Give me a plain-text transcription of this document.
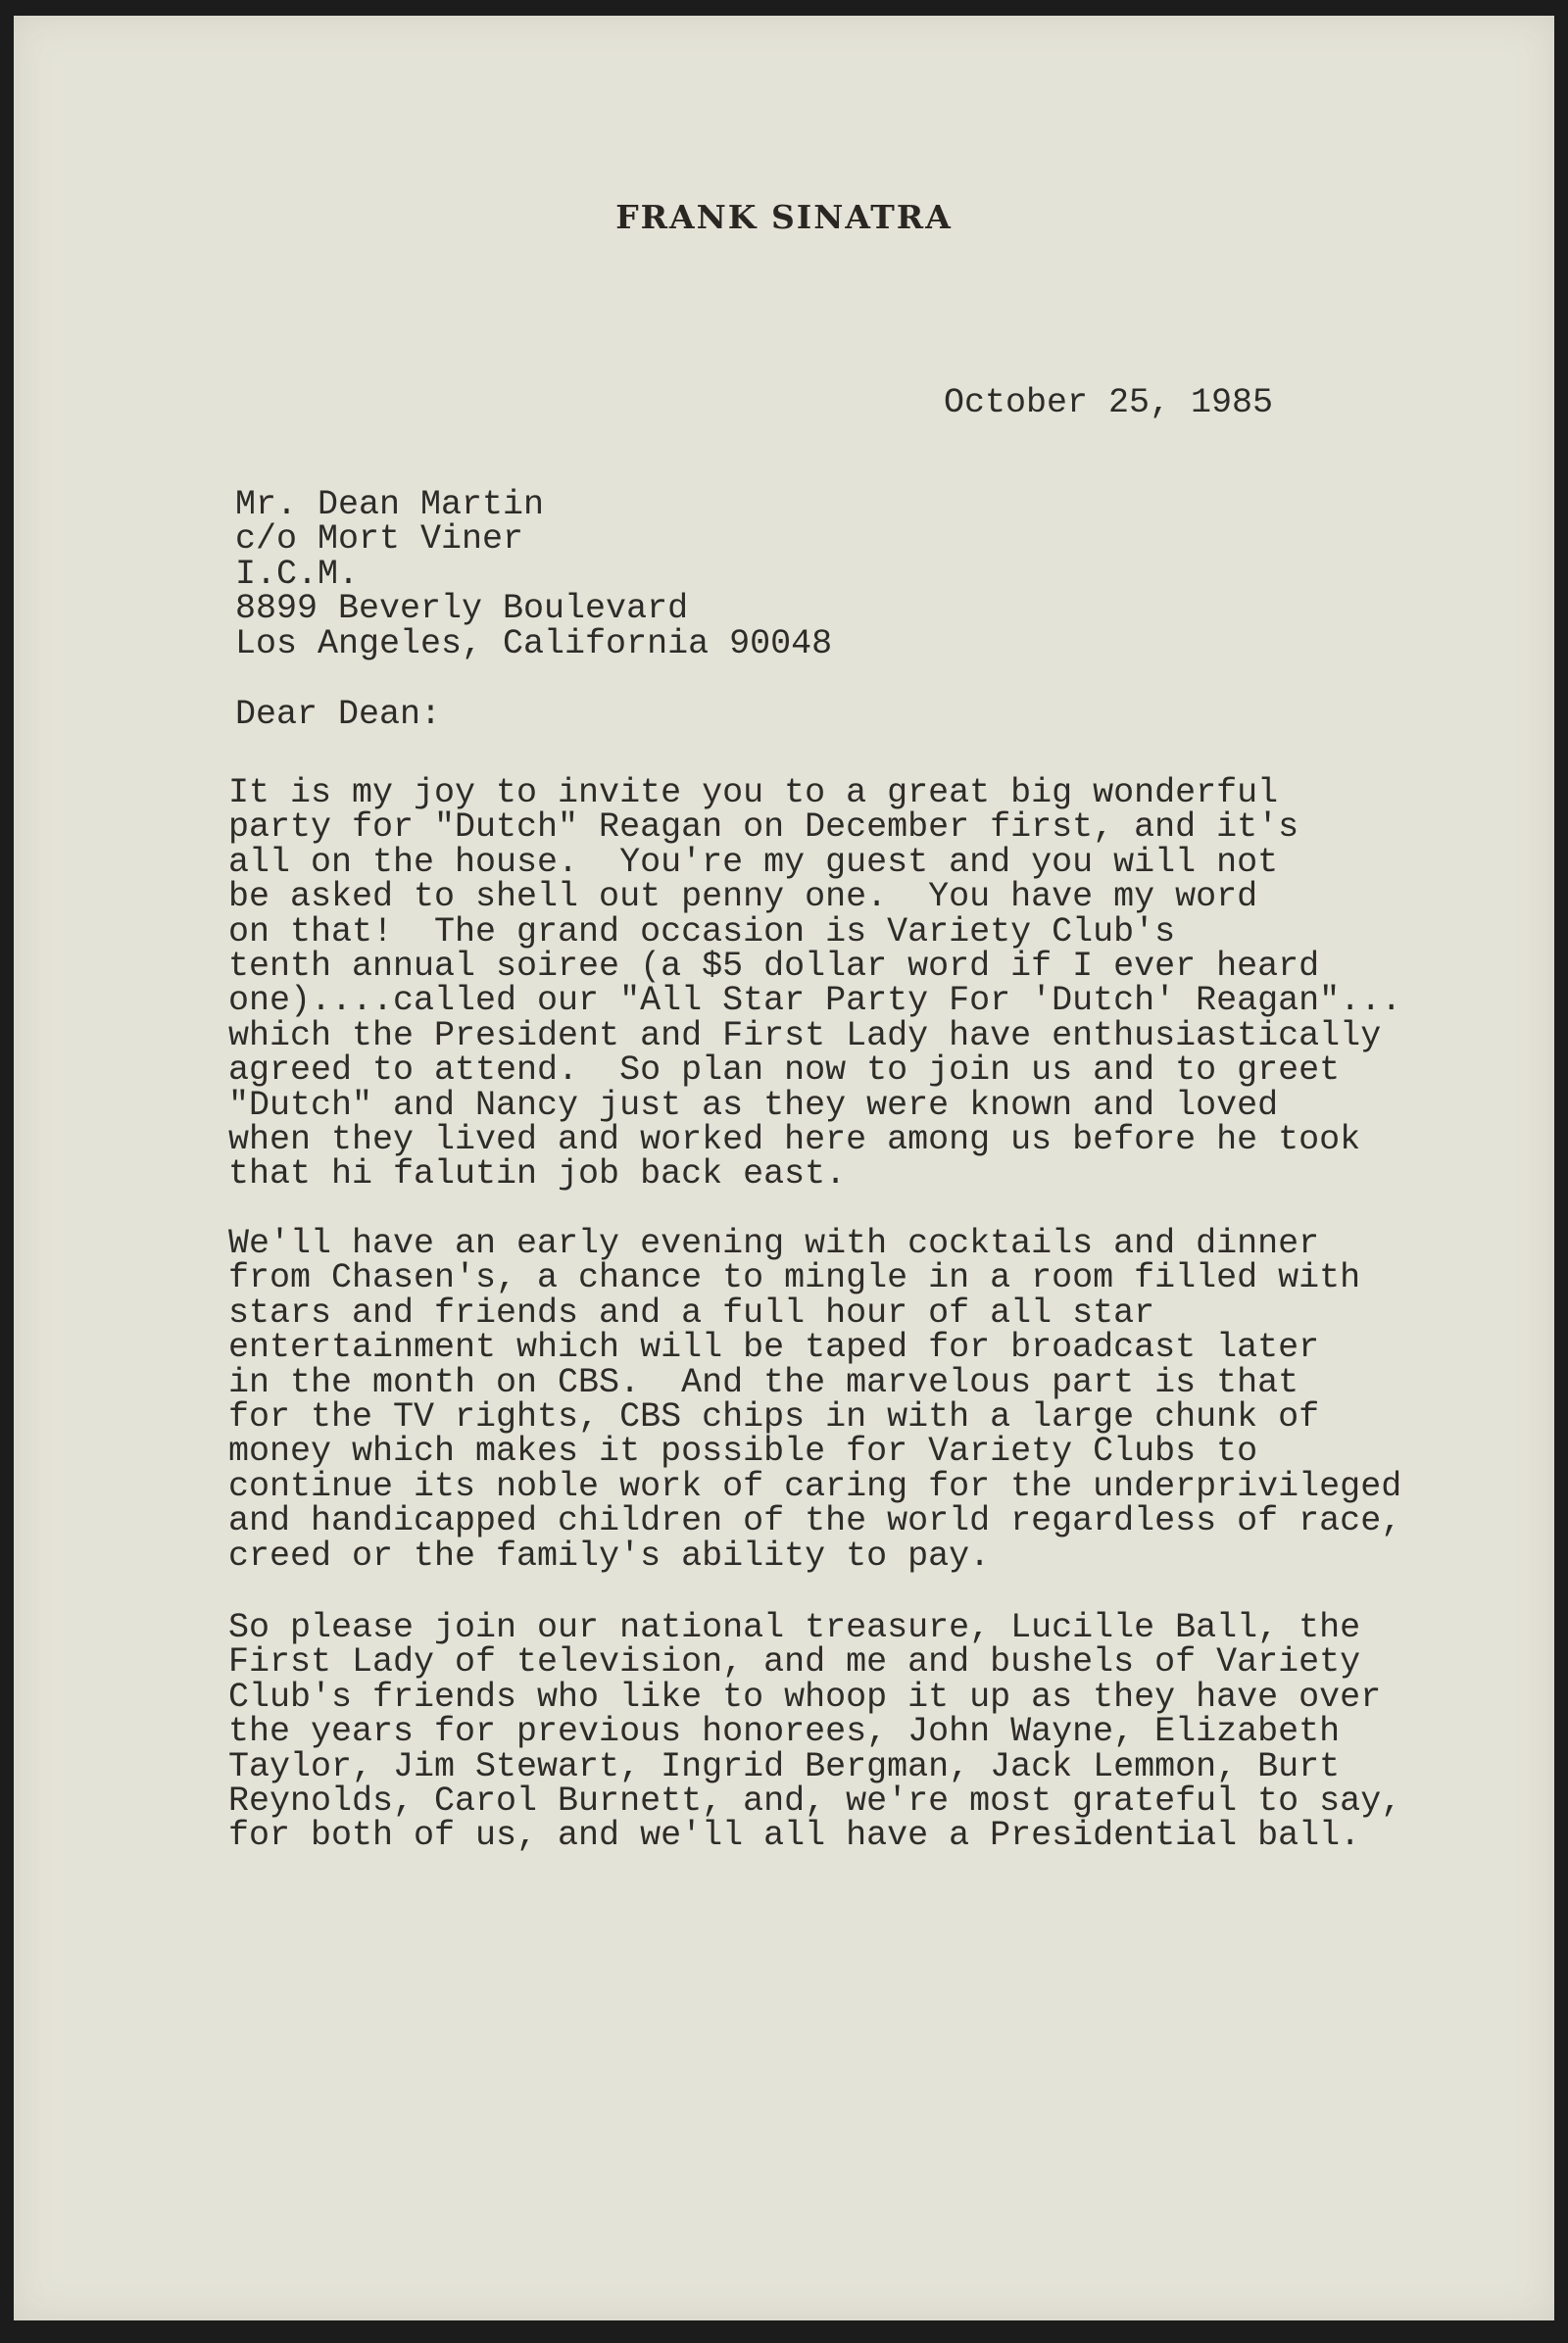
FRANK SINATRA
October 25, 1985
Mr. Dean Martin
c/o Mort Viner
I.C.M.
8899 Beverly Boulevard
Los Angeles, California 90048
Dear Dean:
It is my joy to invite you to a great big wonderful
party for "Dutch" Reagan on December first, and it's
all on the house.  You're my guest and you will not
be asked to shell out penny one.  You have my word
on that!  The grand occasion is Variety Club's
tenth annual soiree (a $5 dollar word if I ever heard
one)....called our "All Star Party For 'Dutch' Reagan"...
which the President and First Lady have enthusiastically
agreed to attend.  So plan now to join us and to greet
"Dutch" and Nancy just as they were known and loved
when they lived and worked here among us before he took
that hi falutin job back east.
We'll have an early evening with cocktails and dinner
from Chasen's, a chance to mingle in a room filled with
stars and friends and a full hour of all star
entertainment which will be taped for broadcast later
in the month on CBS.  And the marvelous part is that
for the TV rights, CBS chips in with a large chunk of
money which makes it possible for Variety Clubs to
continue its noble work of caring for the underprivileged
and handicapped children of the world regardless of race,
creed or the family's ability to pay.
So please join our national treasure, Lucille Ball, the
First Lady of television, and me and bushels of Variety
Club's friends who like to whoop it up as they have over
the years for previous honorees, John Wayne, Elizabeth
Taylor, Jim Stewart, Ingrid Bergman, Jack Lemmon, Burt
Reynolds, Carol Burnett, and, we're most grateful to say,
for both of us, and we'll all have a Presidential ball.
